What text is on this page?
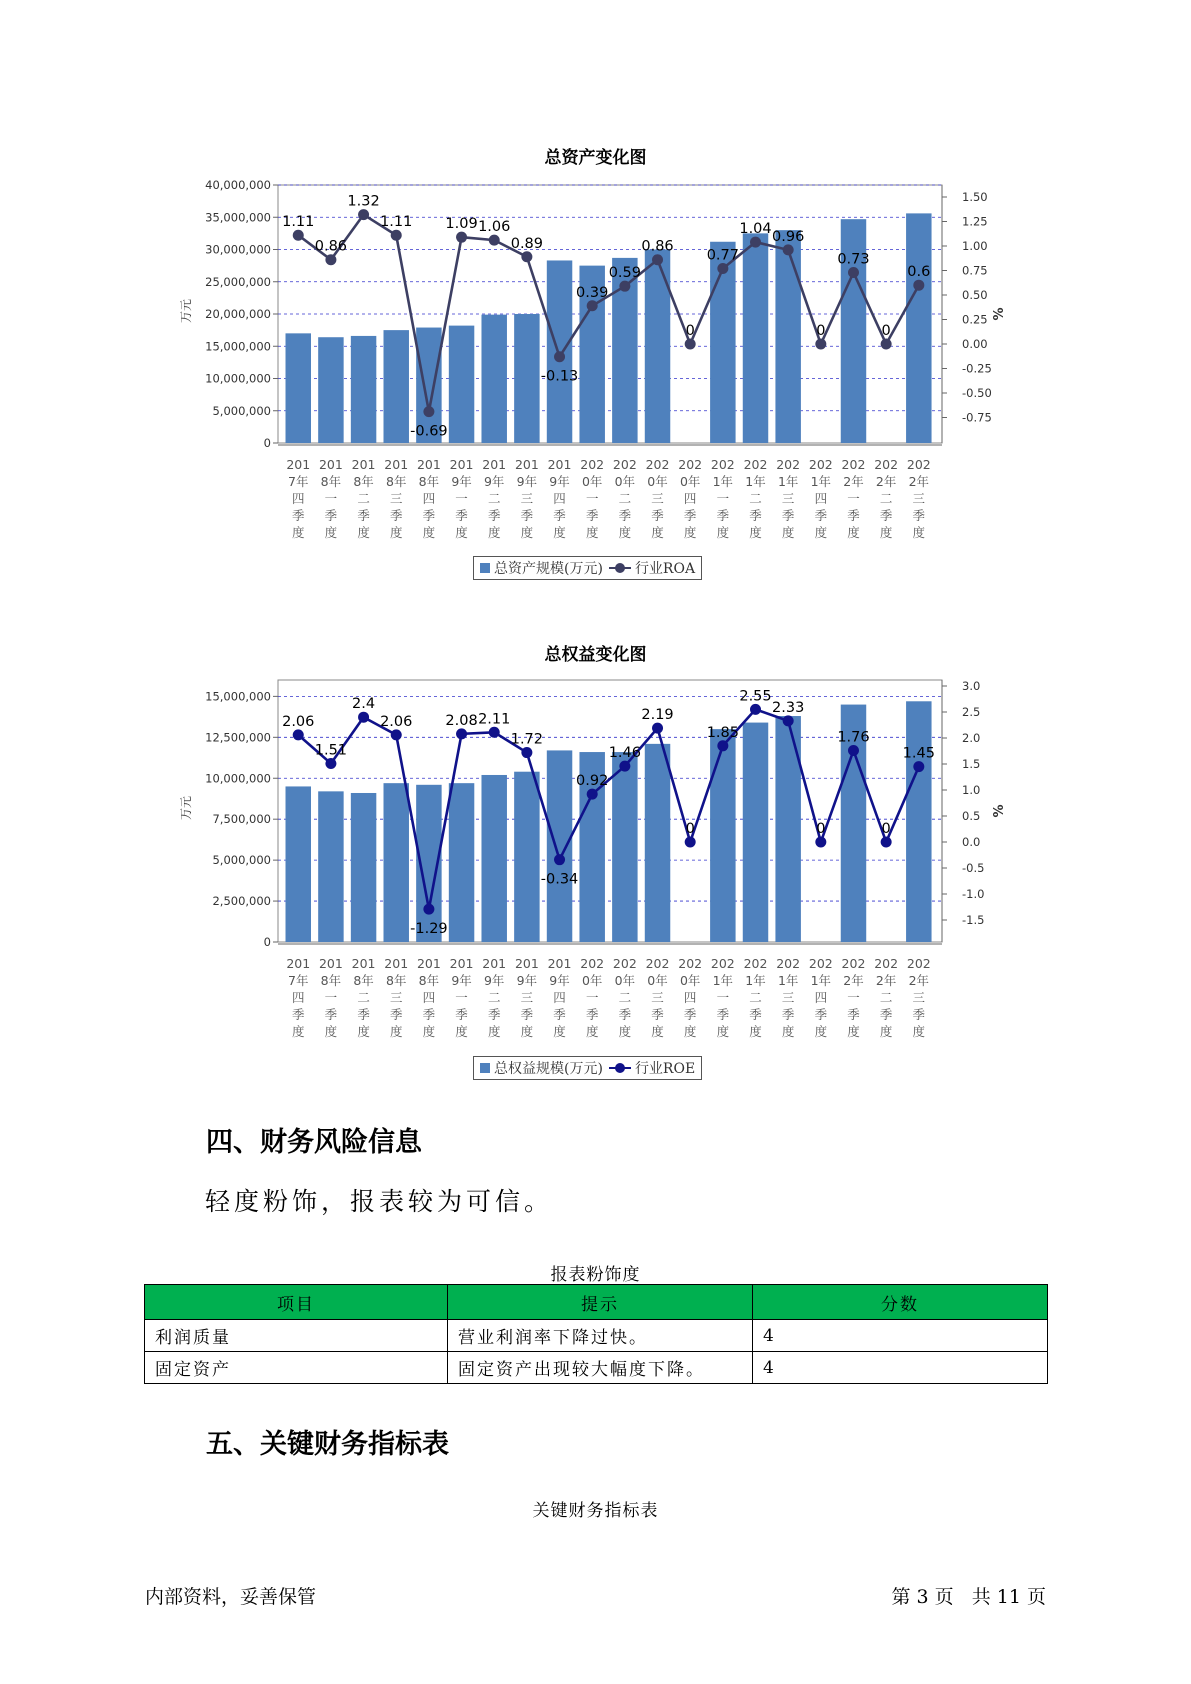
总资产变化图
0
5,000,000
10,000,000
15,000,000
20,000,000
25,000,000
30,000,000
35,000,000
40,000,000
万元
-0.75
-0.50
-0.25
0.00
0.25
0.50
0.75
1.00
1.25
1.50
%
201
7年
四
季
度
201
8年
一
季
度
201
8年
二
季
度
201
8年
三
季
度
201
8年
四
季
度
201
9年
一
季
度
201
9年
二
季
度
201
9年
三
季
度
201
9年
四
季
度
202
0年
一
季
度
202
0年
二
季
度
202
0年
三
季
度
202
0年
四
季
度
202
1年
一
季
度
202
1年
二
季
度
202
1年
三
季
度
202
1年
四
季
度
202
2年
一
季
度
202
2年
二
季
度
202
2年
三
季
度
1.11
0.86
1.32
1.11
-0.69
1.09 1.06
0.89
-0.13
0.39
0.59
0.86
0
0.77
1.04 0.96
0
0.73
0
0.6
总资产规模(万元) 行业ROA
总权益变化图
0
2,500,000
5,000,000
7,500,000
10,000,000
12,500,000
15,000,000
万元
-1.5
-1.0
-0.5
0.0
0.5
1.0
1.5
2.0
2.5
3.0
%
201
7年
四
季
度
201
8年
一
季
度
201
8年
二
季
度
201
8年
三
季
度
201
8年
四
季
度
201
9年
一
季
度
201
9年
二
季
度
201
9年
三
季
度
201
9年
四
季
度
202
0年
一
季
度
202
0年
二
季
度
202
0年
三
季
度
202
0年
四
季
度
202
1年
一
季
度
202
1年
二
季
度
202
1年
三
季
度
202
1年
四
季
度
202
2年
一
季
度
202
2年
二
季
度
202
2年
三
季
度
2.06
1.51
2.4
2.06
-1.29
2.08 2.11
1.72
-0.34
0.92
1.46
2.19
0
1.85
2.55
2.33
0
1.76
0
1.45
总权益规模(万元) 行业ROE
四、财务风险信息
轻度粉饰，报表较为可信。
报表粉饰度
项目	提示	分数
利润质量	营业利润率下降过快。	4
固定资产	固定资产出现较大幅度下降。	4
五、关键财务指标表
关键财务指标表
内部资料，妥善保管	第 3 页   共 11 页
